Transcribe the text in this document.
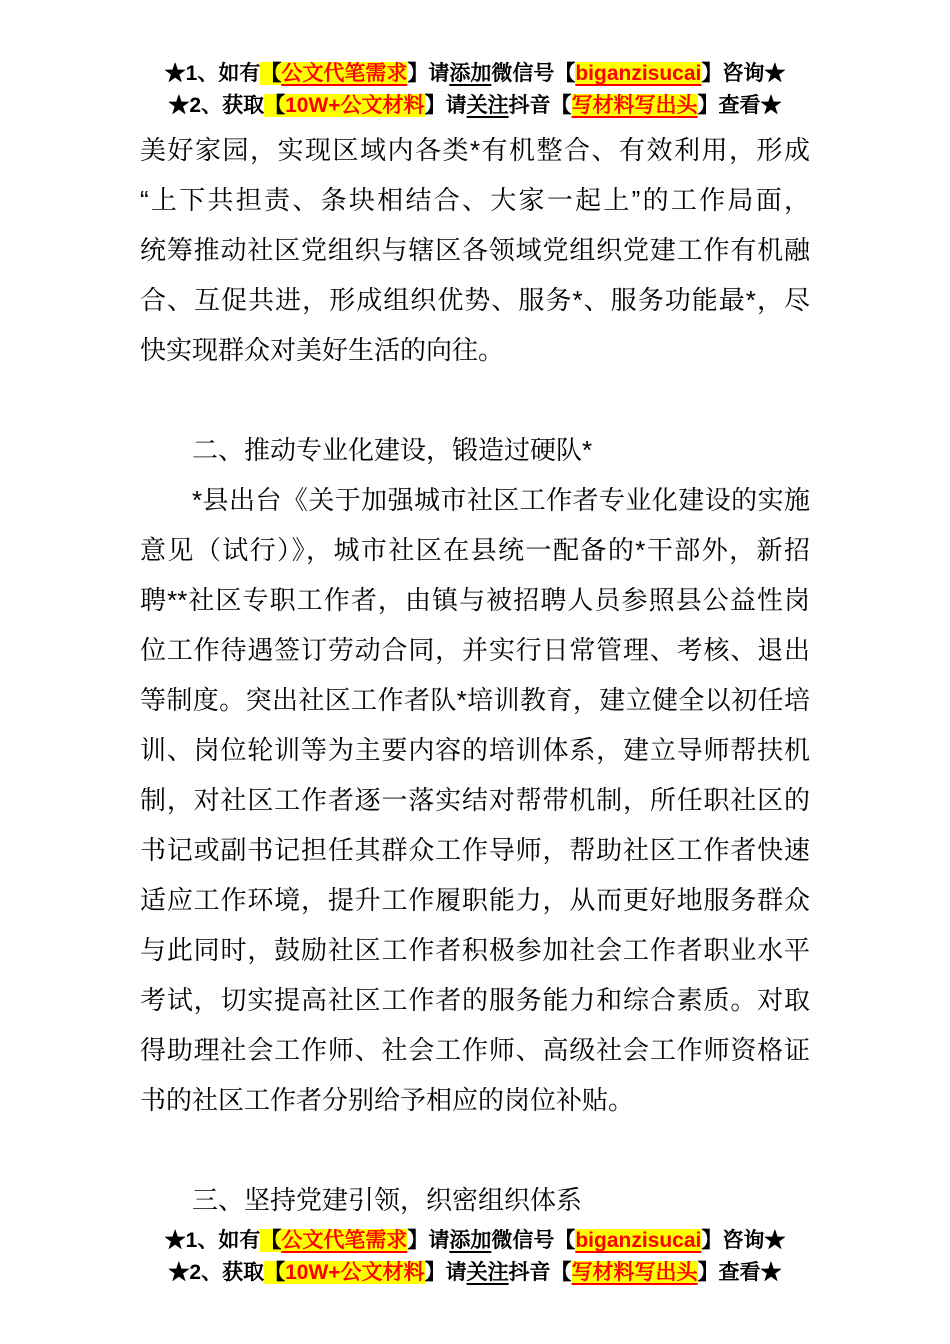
★1、如有【公文代笔需求】请添加微信号【biganzisucai】咨询★
★2、获取【10W+公文材料】请关注抖音【写材料写出头】查看★
美好家园，实现区域内各类*有机整合、有效利用，形成
“上下共担责、条块相结合、大家一起上”的工作局面，
统筹推动社区党组织与辖区各领域党组织党建工作有机融
合、互促共进，形成组织优势、服务*、服务功能最*，尽
快实现群众对美好生活的向往。
二、推动专业化建设，锻造过硬队*
*县出台《关于加强城市社区工作者专业化建设的实施
意见（试行）》，城市社区在县统一配备的*干部外，新招
聘**社区专职工作者，由镇与被招聘人员参照县公益性岗
位工作待遇签订劳动合同，并实行日常管理、考核、退出
等制度。突出社区工作者队*培训教育，建立健全以初任培
训、岗位轮训等为主要内容的培训体系，建立导师帮扶机
制，对社区工作者逐一落实结对帮带机制，所任职社区的
书记或副书记担任其群众工作导师，帮助社区工作者快速
适应工作环境，提升工作履职能力，从而更好地服务群众
与此同时，鼓励社区工作者积极参加社会工作者职业水平
考试，切实提高社区工作者的服务能力和综合素质。对取
得助理社会工作师、社会工作师、高级社会工作师资格证
书的社区工作者分别给予相应的岗位补贴。
三、坚持党建引领，织密组织体系
★1、如有【公文代笔需求】请添加微信号【biganzisucai】咨询★
★2、获取【10W+公文材料】请关注抖音【写材料写出头】查看★
